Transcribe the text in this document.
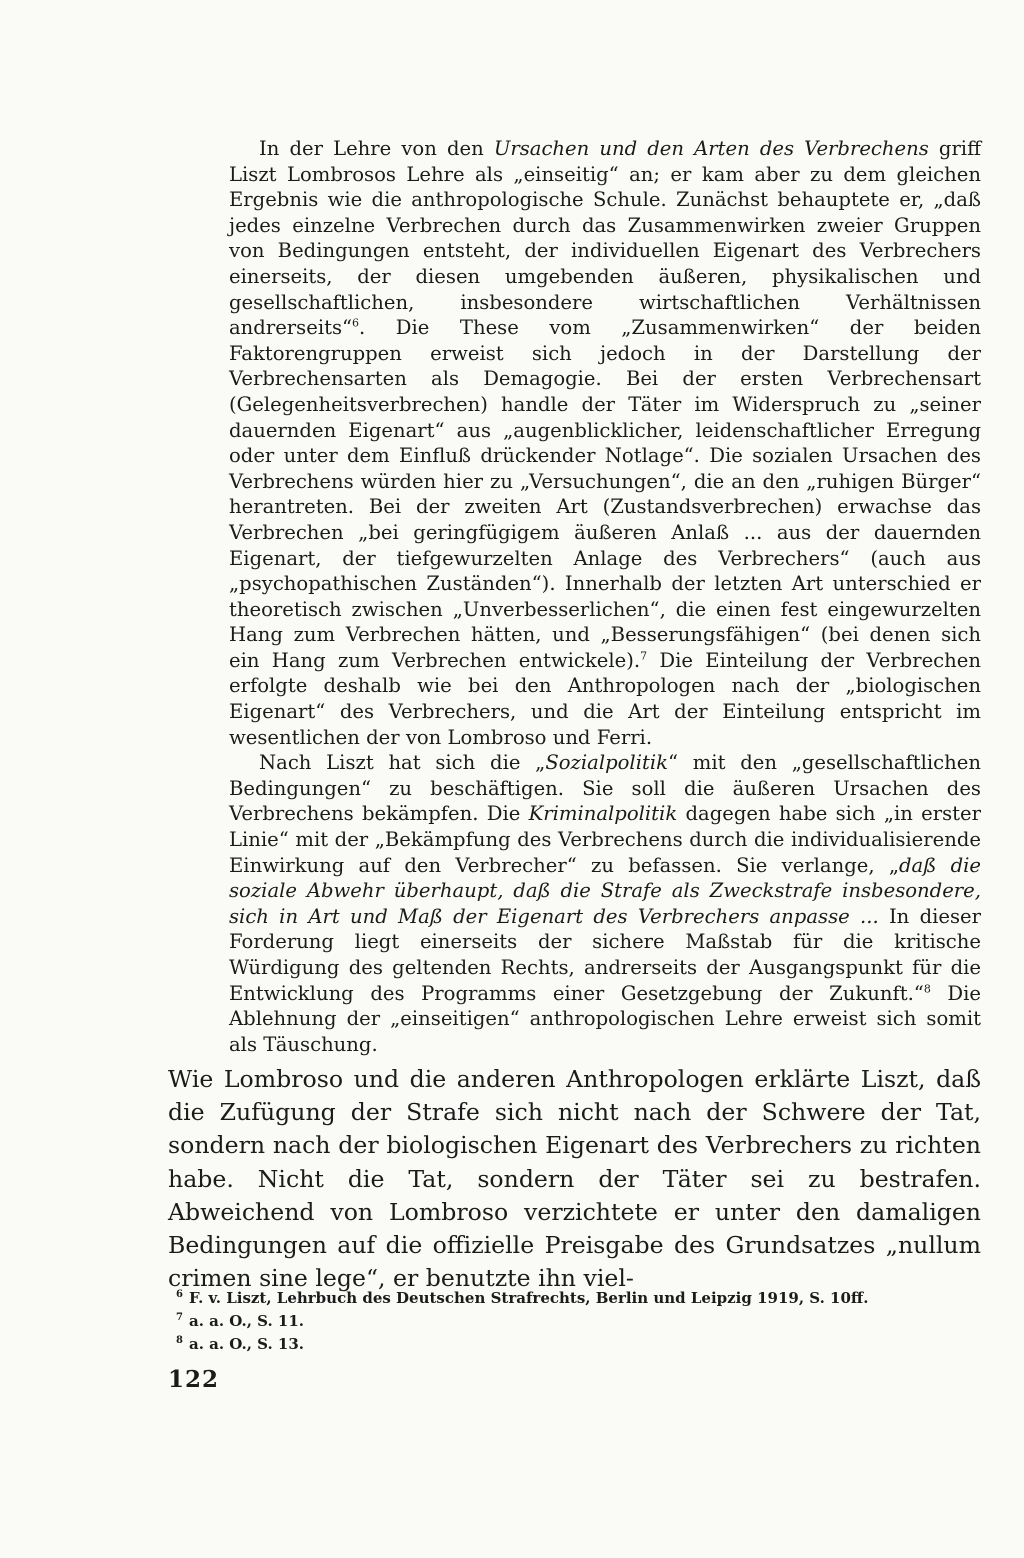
In der Lehre von den Ursachen und den Arten des Verbrechens griff Liszt Lombrosos Lehre als „einseitig“ an; er kam aber zu dem gleichen Ergebnis wie die anthropologische Schule. Zunächst behauptete er, „daß jedes einzelne Verbrechen durch das Zusammenwirken zweier Gruppen von Bedingungen entsteht, der individuellen Eigenart des Verbrechers einerseits, der diesen umgebenden äußeren, physikalischen und gesellschaftlichen, insbesondere wirtschaftlichen Verhältnissen andrerseits“$^6$. Die These vom „Zusammenwirken“ der beiden Faktorengruppen erweist sich jedoch in der Darstellung der Verbrechensarten als Demagogie. Bei der ersten Verbrechensart (Gelegenheitsverbrechen) handle der Täter im Widerspruch zu „seiner dauernden Eigenart“ aus „augenblicklicher, leidenschaftlicher Erregung oder unter dem Einfluß drückender Notlage“. Die sozialen Ursachen des Verbrechens würden hier zu „Versuchungen“, die an den „ruhigen Bürger“ herantreten. Bei der zweiten Art (Zustandsverbrechen) erwachse das Verbrechen „bei geringfügigem äußeren Anlaß ... aus der dauernden Eigenart, der tiefgewurzelten Anlage des Verbrechers“ (auch aus „psychopathischen Zuständen“). Innerhalb der letzten Art unterschied er theoretisch zwischen „Unverbesserlichen“, die einen fest eingewurzelten Hang zum Verbrechen hätten, und „Besserungsfähigen“ (bei denen sich ein Hang zum Verbrechen entwickele).$^7$ Die Einteilung der Verbrechen erfolgte deshalb wie bei den Anthropologen nach der „biologischen Eigenart“ des Verbrechers, und die Art der Einteilung entspricht im wesentlichen der von Lombroso und Ferri.

Nach Liszt hat sich die „Sozialpolitik“ mit den „gesellschaftlichen Bedingungen“ zu beschäftigen. Sie soll die äußeren Ursachen des Verbrechens bekämpfen. Die Kriminalpolitik dagegen habe sich „in erster Linie“ mit der „Bekämpfung des Verbrechens durch die individualisierende Einwirkung auf den Verbrecher“ zu befassen. Sie verlange, „daß die soziale Abwehr überhaupt, daß die Strafe als Zweckstrafe insbesondere, sich in Art und Maß der Eigenart des Verbrechers anpasse ... In dieser Forderung liegt einerseits der sichere Maßstab für die kritische Würdigung des geltenden Rechts, andrerseits der Ausgangspunkt für die Entwicklung des Programms einer Gesetzgebung der Zukunft.“$^8$ Die Ablehnung der „einseitigen“ anthropologischen Lehre erweist sich somit als Täuschung.

Wie Lombroso und die anderen Anthropologen erklärte Liszt, daß die Zufügung der Strafe sich nicht nach der Schwere der Tat, sondern nach der biologischen Eigenart des Verbrechers zu richten habe. Nicht die Tat, sondern der Täter sei zu bestrafen. Abweichend von Lombroso verzichtete er unter den damaligen Bedingungen auf die offizielle Preisgabe des Grundsatzes „nullum crimen sine lege“, er benutzte ihn viel-

$^6$ F. v. Liszt, Lehrbuch des Deutschen Strafrechts, Berlin und Leipzig 1919, S. 10ff.
$^7$ a. a. O., S. 11.
$^8$ a. a. O., S. 13.
122
